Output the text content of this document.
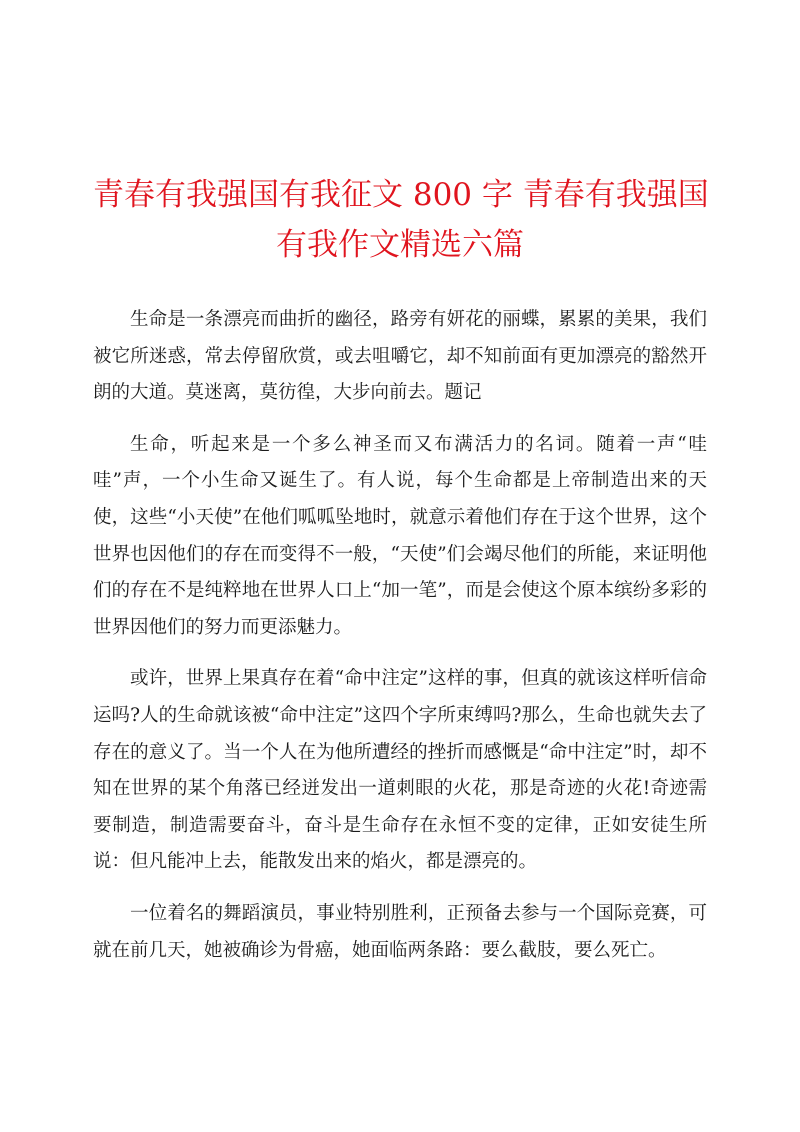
青春有我强国有我征文 800 字 青春有我强国
有我作文精选六篇

生命是一条漂亮而曲折的幽径，路旁有妍花的丽蝶，累累的美果，我们被它所迷惑，常去停留欣赏，或去咀嚼它，却不知前面有更加漂亮的豁然开朗的大道。莫迷离，莫彷徨，大步向前去。题记

生命，听起来是一个多么神圣而又布满活力的名词。随着一声“哇哇”声，一个小生命又诞生了。有人说，每个生命都是上帝制造出来的天使，这些“小天使”在他们呱呱坠地时，就意示着他们存在于这个世界，这个世界也因他们的存在而变得不一般，“天使”们会竭尽他们的所能，来证明他们的存在不是纯粹地在世界人口上“加一笔”，而是会使这个原本缤纷多彩的世界因他们的努力而更添魅力。

或许，世界上果真存在着“命中注定”这样的事，但真的就该这样听信命运吗?人的生命就该被“命中注定”这四个字所束缚吗?那么，生命也就失去了存在的意义了。当一个人在为他所遭经的挫折而感慨是“命中注定”时，却不知在世界的某个角落已经迸发出一道刺眼的火花，那是奇迹的火花!奇迹需要制造，制造需要奋斗，奋斗是生命存在永恒不变的定律，正如安徒生所说：但凡能冲上去，能散发出来的焰火，都是漂亮的。

一位着名的舞蹈演员，事业特别胜利，正预备去参与一个国际竞赛，可就在前几天，她被确诊为骨癌，她面临两条路：要么截肢，要么死亡。
